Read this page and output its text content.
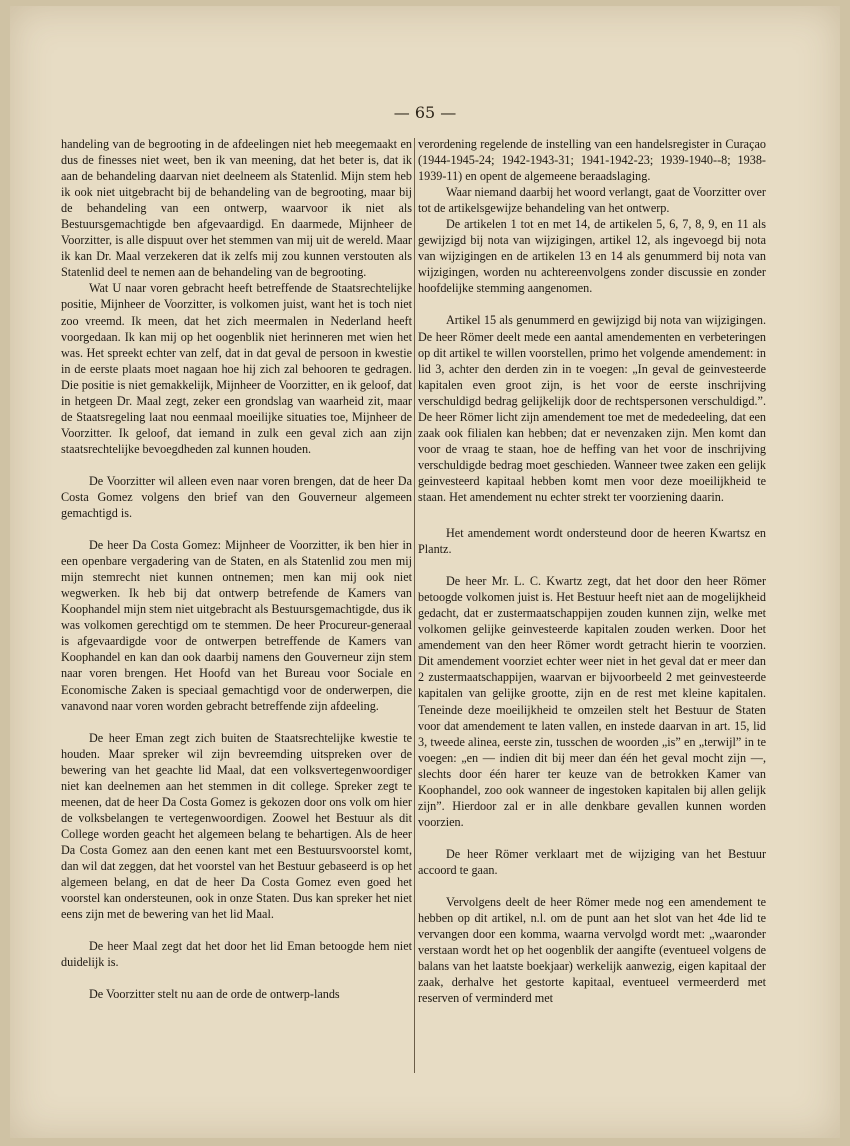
— 65 —

handeling van de begrooting in de afdeelingen niet heb meegemaakt en dus de finesses niet weet, ben ik van meening, dat het beter is, dat ik aan de behandeling daarvan niet deelneem als Statenlid. Mijn stem heb ik ook niet uitgebracht bij de behandeling van de begrooting, maar bij de behandeling van een ontwerp, waarvoor ik niet als Bestuursgemachtigde ben afgevaardigd. En daarmede, Mijnheer de Voorzitter, is alle dispuut over het stemmen van mij uit de wereld. Maar ik kan Dr. Maal verzekeren dat ik zelfs mij zou kunnen verstouten als Statenlid deel te nemen aan de behandeling van de begrooting.

Wat U naar voren gebracht heeft betreffende de Staatsrechtelijke positie, Mijnheer de Voorzitter, is volkomen juist, want het is toch niet zoo vreemd. Ik meen, dat het zich meermalen in Nederland heeft voorgedaan. Ik kan mij op het oogenblik niet herinneren met wien het was. Het spreekt echter van zelf, dat in dat geval de persoon in kwestie in de eerste plaats moet nagaan hoe hij zich zal behooren te gedragen. Die positie is niet gemakkelijk, Mijnheer de Voorzitter, en ik geloof, dat in hetgeen Dr. Maal zegt, zeker een grondslag van waarheid zit, maar de Staatsregeling laat nou eenmaal moeilijke situaties toe, Mijnheer de Voorzitter. Ik geloof, dat iemand in zulk een geval zich aan zijn staatsrechtelijke bevoegdheden zal kunnen houden.

De Voorzitter wil alleen even naar voren brengen, dat de heer Da Costa Gomez volgens den brief van den Gouverneur algemeen gemachtigd is.

De heer Da Costa Gomez: Mijnheer de Voorzitter, ik ben hier in een openbare vergadering van de Staten, en als Statenlid zou men mij mijn stemrecht niet kunnen ontnemen; men kan mij ook niet wegwerken. Ik heb bij dat ontwerp betrefende de Kamers van Koophandel mijn stem niet uitgebracht als Bestuursgemachtigde, dus ik was volkomen gerechtigd om te stemmen. De heer Procureur-generaal is afgevaardigde voor de ontwerpen betreffende de Kamers van Koophandel en kan dan ook daarbij namens den Gouverneur zijn stem naar voren brengen. Het Hoofd van het Bureau voor Sociale en Economische Zaken is speciaal gemachtigd voor de onderwerpen, die vanavond naar voren worden gebracht betreffende zijn afdeeling.

De heer Eman zegt zich buiten de Staatsrechtelijke kwestie te houden. Maar spreker wil zijn bevreemding uitspreken over de bewering van het geachte lid Maal, dat een volksvertegenwoordiger niet kan deelnemen aan het stemmen in dit college. Spreker zegt te meenen, dat de heer Da Costa Gomez is gekozen door ons volk om hier de volksbelangen te vertegenwoordigen. Zoowel het Bestuur als dit College worden geacht het algemeen belang te behartigen. Als de heer Da Costa Gomez aan den eenen kant met een Bestuursvoorstel komt, dan wil dat zeggen, dat het voorstel van het Bestuur gebaseerd is op het algemeen belang, en dat de heer Da Costa Gomez even goed het voorstel kan ondersteunen, ook in onze Staten. Dus kan spreker het niet eens zijn met de bewering van het lid Maal.

De heer Maal zegt dat het door het lid Eman betoogde hem niet duidelijk is.

De Voorzitter stelt nu aan de orde de ontwerp-lands

verordening regelende de instelling van een handelsregister in Curaçao (1944-1945-24; 1942-1943-31; 1941-1942-23; 1939-1940--8; 1938-1939-11) en opent de algemeene beraadslaging.

Waar niemand daarbij het woord verlangt, gaat de Voorzitter over tot de artikelsgewijze behandeling van het ontwerp.

De artikelen 1 tot en met 14, de artikelen 5, 6, 7, 8, 9, en 11 als gewijzigd bij nota van wijzigingen, artikel 12, als ingevoegd bij nota van wijzigingen en de artikelen 13 en 14 als genummerd bij nota van wijzigingen, worden nu achtereenvolgens zonder discussie en zonder hoofdelijke stemming aangenomen.

Artikel 15 als genummerd en gewijzigd bij nota van wijzigingen. De heer Römer deelt mede een aantal amendementen en verbeteringen op dit artikel te willen voorstellen, primo het volgende amendement: in lid 3, achter den derden zin in te voegen: „In geval de geinvesteerde kapitalen even groot zijn, is het voor de eerste inschrijving verschuldigd bedrag gelijkelijk door de rechtspersonen verschuldigd.”. De heer Römer licht zijn amendement toe met de mededeeling, dat een zaak ook filialen kan hebben; dat er nevenzaken zijn. Men komt dan voor de vraag te staan, hoe de heffing van het voor de inschrijving verschuldigde bedrag moet geschieden. Wanneer twee zaken een gelijk geinvesteerd kapitaal hebben komt men voor deze moeilijkheid te staan. Het amendement nu echter strekt ter voorziening daarin.

Het amendement wordt ondersteund door de heeren Kwartsz en Plantz.

De heer Mr. L. C. Kwartz zegt, dat het door den heer Römer betoogde volkomen juist is. Het Bestuur heeft niet aan de mogelijkheid gedacht, dat er zustermaatschappijen zouden kunnen zijn, welke met volkomen gelijke geinvesteerde kapitalen zouden werken. Door het amendement van den heer Römer wordt getracht hierin te voorzien. Dit amendement voorziet echter weer niet in het geval dat er meer dan 2 zustermaatschappijen, waarvan er bijvoorbeeld 2 met geinvesteerde kapitalen van gelijke grootte, zijn en de rest met kleine kapitalen. Teneinde deze moeilijkheid te omzeilen stelt het Bestuur de Staten voor dat amendement te laten vallen, en instede daarvan in art. 15, lid 3, tweede alinea, eerste zin, tusschen de woorden „is” en „terwijl” in te voegen: „en — indien dit bij meer dan één het geval mocht zijn —, slechts door één harer ter keuze van de betrokken Kamer van Koophandel, zoo ook wanneer de ingestoken kapitalen bij allen gelijk zijn”. Hierdoor zal er in alle denkbare gevallen kunnen worden voorzien.

De heer Römer verklaart met de wijziging van het Bestuur accoord te gaan.

Vervolgens deelt de heer Römer mede nog een amendement te hebben op dit artikel, n.l. om de punt aan het slot van het 4de lid te vervangen door een komma, waarna vervolgd wordt met: „waaronder verstaan wordt het op het oogenblik der aangifte (eventueel volgens de balans van het laatste boekjaar) werkelijk aanwezig, eigen kapitaal der zaak, derhalve het gestorte kapitaal, eventueel vermeerderd met reserven of verminderd met
